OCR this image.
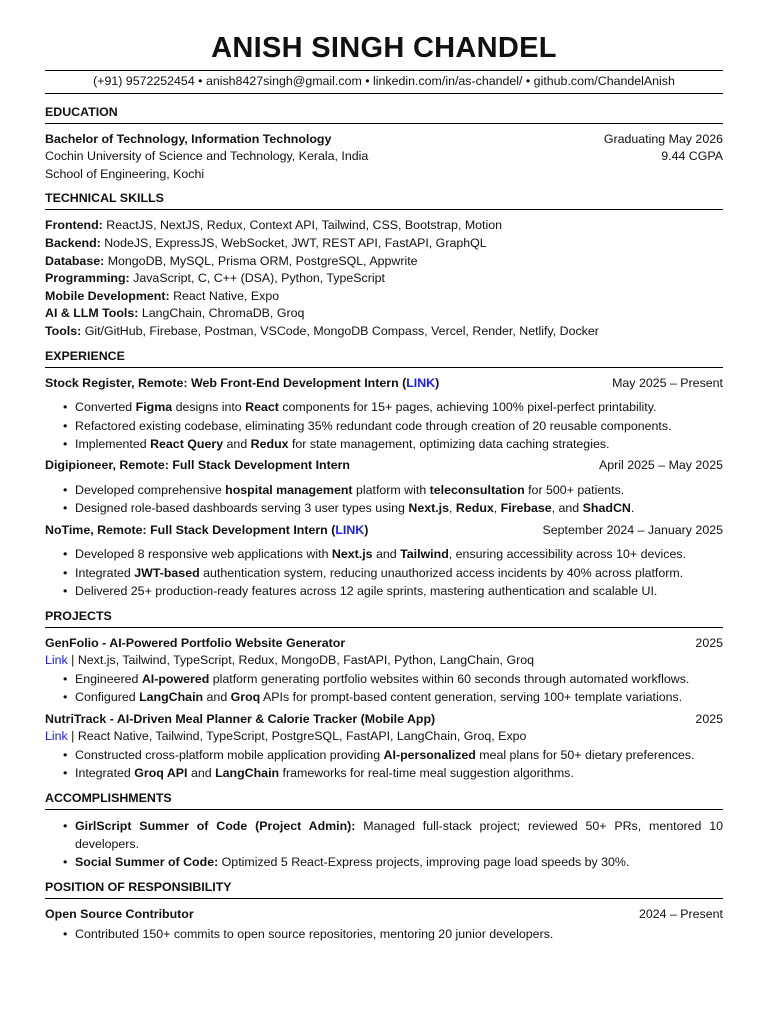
ANISH SINGH CHANDEL
(+91) 9572252454 • anish8427singh@gmail.com • linkedin.com/in/as-chandel/ • github.com/ChandelAnish
EDUCATION
Bachelor of Technology, Information Technology	Graduating May 2026
Cochin University of Science and Technology, Kerala, India	9.44 CGPA
School of Engineering, Kochi
TECHNICAL SKILLS
Frontend: ReactJS, NextJS, Redux, Context API, Tailwind, CSS, Bootstrap, Motion
Backend: NodeJS, ExpressJS, WebSocket, JWT, REST API, FastAPI, GraphQL
Database: MongoDB, MySQL, Prisma ORM, PostgreSQL, Appwrite
Programming: JavaScript, C, C++ (DSA), Python, TypeScript
Mobile Development: React Native, Expo
AI & LLM Tools: LangChain, ChromaDB, Groq
Tools: Git/GitHub, Firebase, Postman, VSCode, MongoDB Compass, Vercel, Render, Netlify, Docker
EXPERIENCE
Stock Register, Remote: Web Front-End Development Intern (LINK)	May 2025 – Present
• Converted Figma designs into React components for 15+ pages, achieving 100% pixel-perfect printability.
• Refactored existing codebase, eliminating 35% redundant code through creation of 20 reusable components.
• Implemented React Query and Redux for state management, optimizing data caching strategies.
Digipioneer, Remote: Full Stack Development Intern	April 2025 – May 2025
• Developed comprehensive hospital management platform with teleconsultation for 500+ patients.
• Designed role-based dashboards serving 3 user types using Next.js, Redux, Firebase, and ShadCN.
NoTime, Remote: Full Stack Development Intern (LINK)	September 2024 – January 2025
• Developed 8 responsive web applications with Next.js and Tailwind, ensuring accessibility across 10+ devices.
• Integrated JWT-based authentication system, reducing unauthorized access incidents by 40% across platform.
• Delivered 25+ production-ready features across 12 agile sprints, mastering authentication and scalable UI.
PROJECTS
GenFolio - AI-Powered Portfolio Website Generator	2025
Link | Next.js, Tailwind, TypeScript, Redux, MongoDB, FastAPI, Python, LangChain, Groq
• Engineered AI-powered platform generating portfolio websites within 60 seconds through automated workflows.
• Configured LangChain and Groq APIs for prompt-based content generation, serving 100+ template variations.
NutriTrack - AI-Driven Meal Planner & Calorie Tracker (Mobile App)	2025
Link | React Native, Tailwind, TypeScript, PostgreSQL, FastAPI, LangChain, Groq, Expo
• Constructed cross-platform mobile application providing AI-personalized meal plans for 50+ dietary preferences.
• Integrated Groq API and LangChain frameworks for real-time meal suggestion algorithms.
ACCOMPLISHMENTS
• GirlScript Summer of Code (Project Admin): Managed full-stack project; reviewed 50+ PRs, mentored 10 developers.
• Social Summer of Code: Optimized 5 React-Express projects, improving page load speeds by 30%.
POSITION OF RESPONSIBILITY
Open Source Contributor	2024 – Present
• Contributed 150+ commits to open source repositories, mentoring 20 junior developers.
